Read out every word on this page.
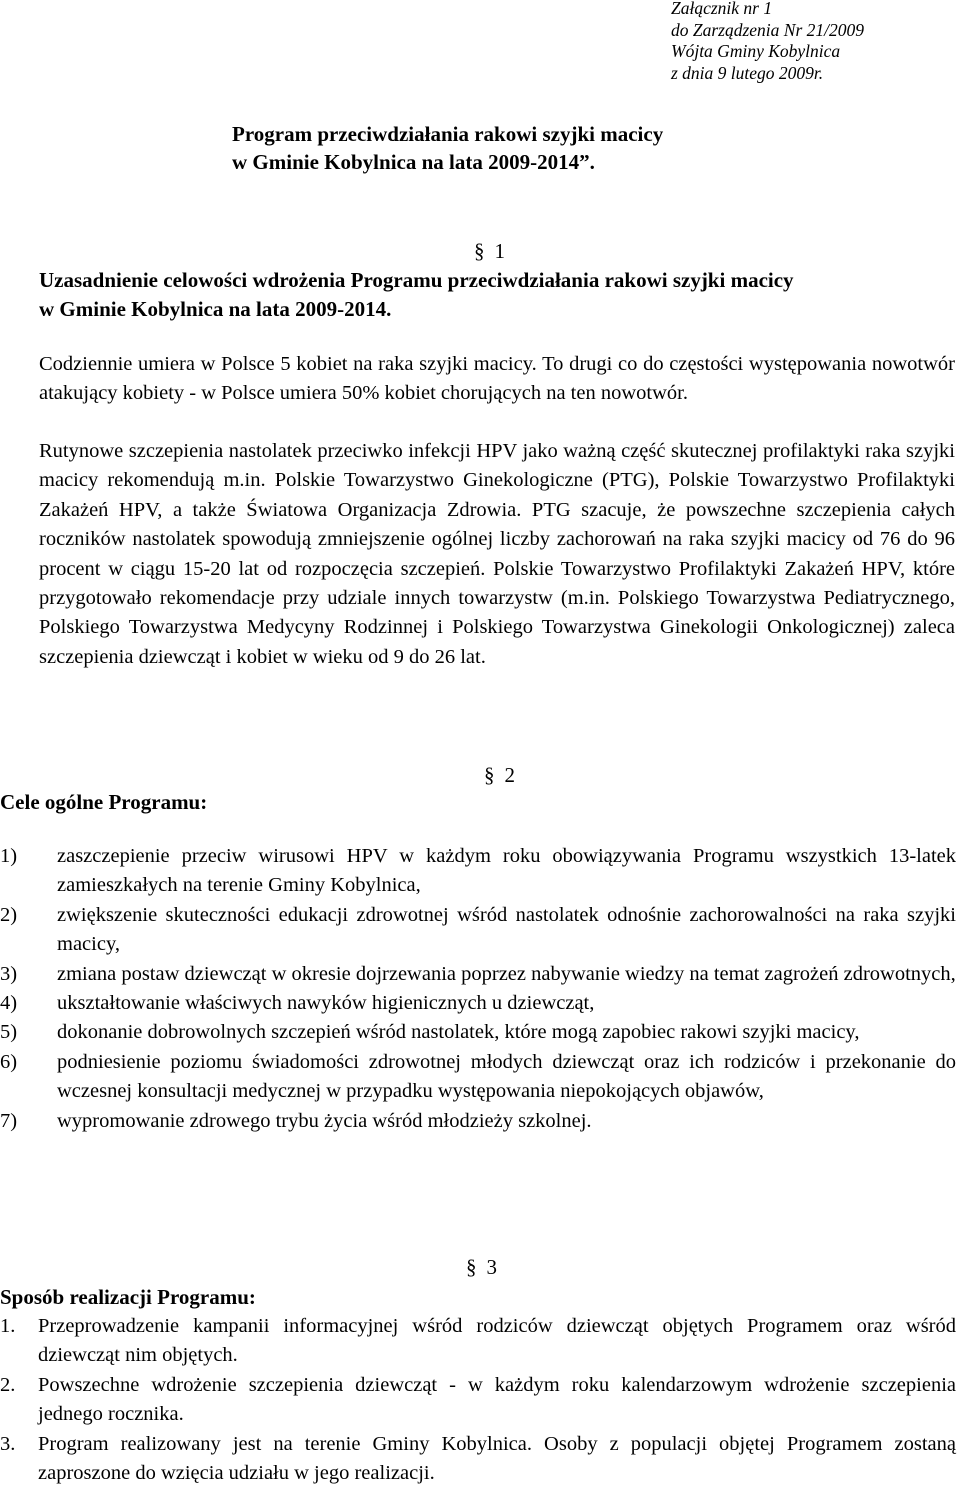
Załącznik nr 1
do Zarządzenia Nr 21/2009
Wójta Gminy Kobylnica
z dnia 9 lutego 2009r.
Program przeciwdziałania rakowi szyjki macicy
w Gminie Kobylnica na lata 2009-2014”.
§ 1
Uzasadnienie celowości wdrożenia Programu przeciwdziałania rakowi szyjki macicy
w Gminie Kobylnica na lata 2009-2014.
Codziennie umiera w Polsce 5 kobiet na raka szyjki macicy. To drugi co do częstości występowania nowotwór atakujący kobiety - w Polsce umiera 50% kobiet chorujących na ten nowotwór.
Rutynowe szczepienia nastolatek przeciwko infekcji HPV jako ważną część skutecznej profilaktyki raka szyjki macicy rekomendują m.in. Polskie Towarzystwo Ginekologiczne (PTG), Polskie Towarzystwo Profilaktyki Zakażeń HPV, a także Światowa Organizacja Zdrowia. PTG szacuje, że powszechne szczepienia całych roczników nastolatek spowodują zmniejszenie ogólnej liczby zachorowań na raka szyjki macicy od 76 do 96 procent w ciągu 15-20 lat od rozpoczęcia szczepień. Polskie Towarzystwo Profilaktyki Zakażeń HPV, które przygotowało rekomendacje przy udziale innych towarzystw (m.in. Polskiego Towarzystwa Pediatrycznego, Polskiego Towarzystwa Medycyny Rodzinnej i Polskiego Towarzystwa Ginekologii Onkologicznej) zaleca szczepienia dziewcząt i kobiet w wieku od 9 do 26 lat.
§ 2
Cele ogólne Programu:
1) zaszczepienie przeciw wirusowi HPV w każdym roku obowiązywania Programu wszystkich 13-latek zamieszkałych na terenie Gminy Kobylnica,
2) zwiększenie skuteczności edukacji zdrowotnej wśród nastolatek odnośnie zachorowalności na raka szyjki macicy,
3) zmiana postaw dziewcząt w okresie dojrzewania poprzez nabywanie wiedzy na temat zagrożeń zdrowotnych,
4) ukształtowanie właściwych nawyków higienicznych u dziewcząt,
5) dokonanie dobrowolnych szczepień wśród nastolatek, które mogą zapobiec rakowi szyjki macicy,
6) podniesienie poziomu świadomości zdrowotnej młodych dziewcząt oraz ich rodziców i przekonanie do wczesnej konsultacji medycznej w przypadku występowania niepokojących objawów,
7) wypromowanie zdrowego trybu życia wśród młodzieży szkolnej.
§ 3
Sposób realizacji Programu:
1. Przeprowadzenie kampanii informacyjnej wśród rodziców dziewcząt objętych Programem oraz wśród dziewcząt nim objętych.
2. Powszechne wdrożenie szczepienia dziewcząt - w każdym roku kalendarzowym wdrożenie szczepienia jednego rocznika.
3. Program realizowany jest na terenie Gminy Kobylnica. Osoby z populacji objętej Programem zostaną zaproszone do wzięcia udziału w jego realizacji.
